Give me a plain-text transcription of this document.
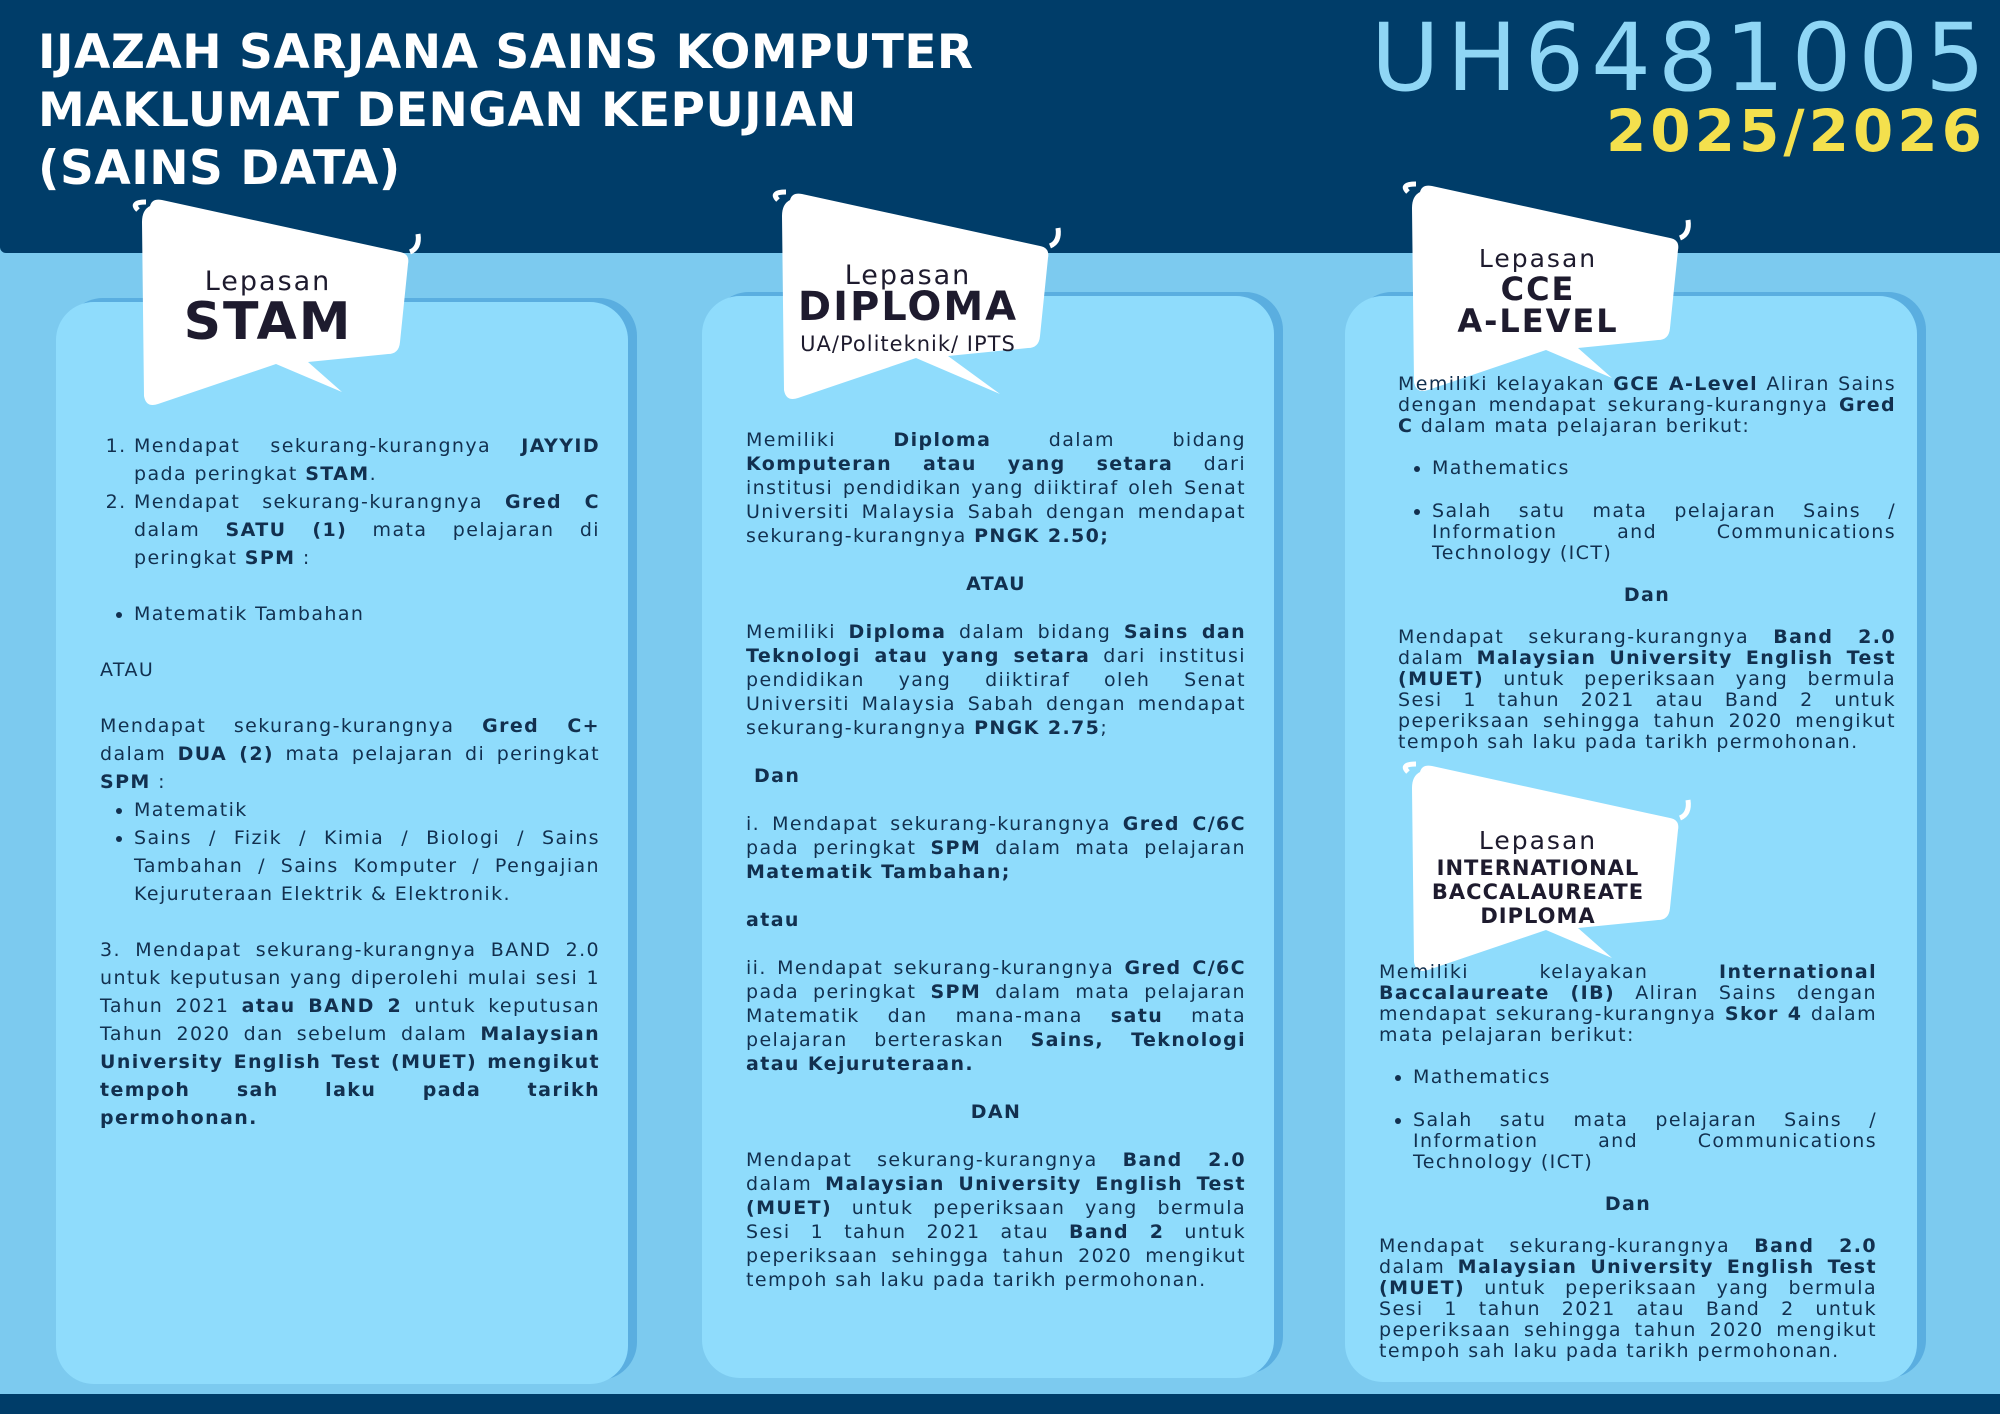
IJAZAH SARJANA SAINS KOMPUTER
MAKLUMAT DENGAN KEPUJIAN
(SAINS DATA)
UH6481005
2025/2026
Lepasan
STAM
Lepasan
DIPLOMA
UA/Politeknik/ IPTS
Lepasan
CCE
A-LEVEL
Lepasan
INTERNATIONAL
BACCALAUREATE
DIPLOMA
1. Mendapat sekurang-kurangnya JAYYID pada peringkat STAM.
2. Mendapat sekurang-kurangnya Gred C dalam SATU (1) mata pelajaran di peringkat SPM :

• Matematik Tambahan

ATAU

Mendapat sekurang-kurangnya Gred C+ dalam DUA (2) mata pelajaran di peringkat SPM :

• Matematik
• Sains / Fizik / Kimia / Biologi / Sains Tambahan / Sains Komputer / Pengajian Kejuruteraan Elektrik & Elektronik.

3. Mendapat sekurang-kurangnya BAND 2.0 untuk keputusan yang diperolehi mulai sesi 1 Tahun 2021 atau BAND 2 untuk keputusan Tahun 2020 dan sebelum dalam Malaysian University English Test (MUET) mengikut tempoh sah laku pada tarikh permohonan.

Memiliki Diploma dalam bidang Komputeran atau yang setara dari institusi pendidikan yang diiktiraf oleh Senat Universiti Malaysia Sabah dengan mendapat sekurang-kurangnya PNGK 2.50;

ATAU

Memiliki Diploma dalam bidang Sains dan Teknologi atau yang setara dari institusi pendidikan yang diiktiraf oleh Senat Universiti Malaysia Sabah dengan mendapat sekurang-kurangnya PNGK 2.75;

Dan

i. Mendapat sekurang-kurangnya Gred C/6C pada peringkat SPM dalam mata pelajaran Matematik Tambahan;

atau

ii. Mendapat sekurang-kurangnya Gred C/6C pada peringkat SPM dalam mata pelajaran Matematik dan mana-mana satu mata pelajaran berteraskan Sains, Teknologi atau Kejuruteraan.

DAN

Mendapat sekurang-kurangnya Band 2.0 dalam Malaysian University English Test (MUET) untuk peperiksaan yang bermula Sesi 1 tahun 2021 atau Band 2 untuk peperiksaan sehingga tahun 2020 mengikut tempoh sah laku pada tarikh permohonan.

Memiliki kelayakan GCE A-Level Aliran Sains dengan mendapat sekurang-kurangnya Gred C dalam mata pelajaran berikut:

• Mathematics
• Salah satu mata pelajaran Sains / Information and Communications Technology (ICT)

Dan

Mendapat sekurang-kurangnya Band 2.0 dalam Malaysian University English Test (MUET) untuk peperiksaan yang bermula Sesi 1 tahun 2021 atau Band 2 untuk peperiksaan sehingga tahun 2020 mengikut tempoh sah laku pada tarikh permohonan.

Memiliki kelayakan International Baccalaureate (IB) Aliran Sains dengan mendapat sekurang-kurangnya Skor 4 dalam mata pelajaran berikut:

• Mathematics
• Salah satu mata pelajaran Sains / Information and Communications Technology (ICT)

Dan

Mendapat sekurang-kurangnya Band 2.0 dalam Malaysian University English Test (MUET) untuk peperiksaan yang bermula Sesi 1 tahun 2021 atau Band 2 untuk peperiksaan sehingga tahun 2020 mengikut tempoh sah laku pada tarikh permohonan.
